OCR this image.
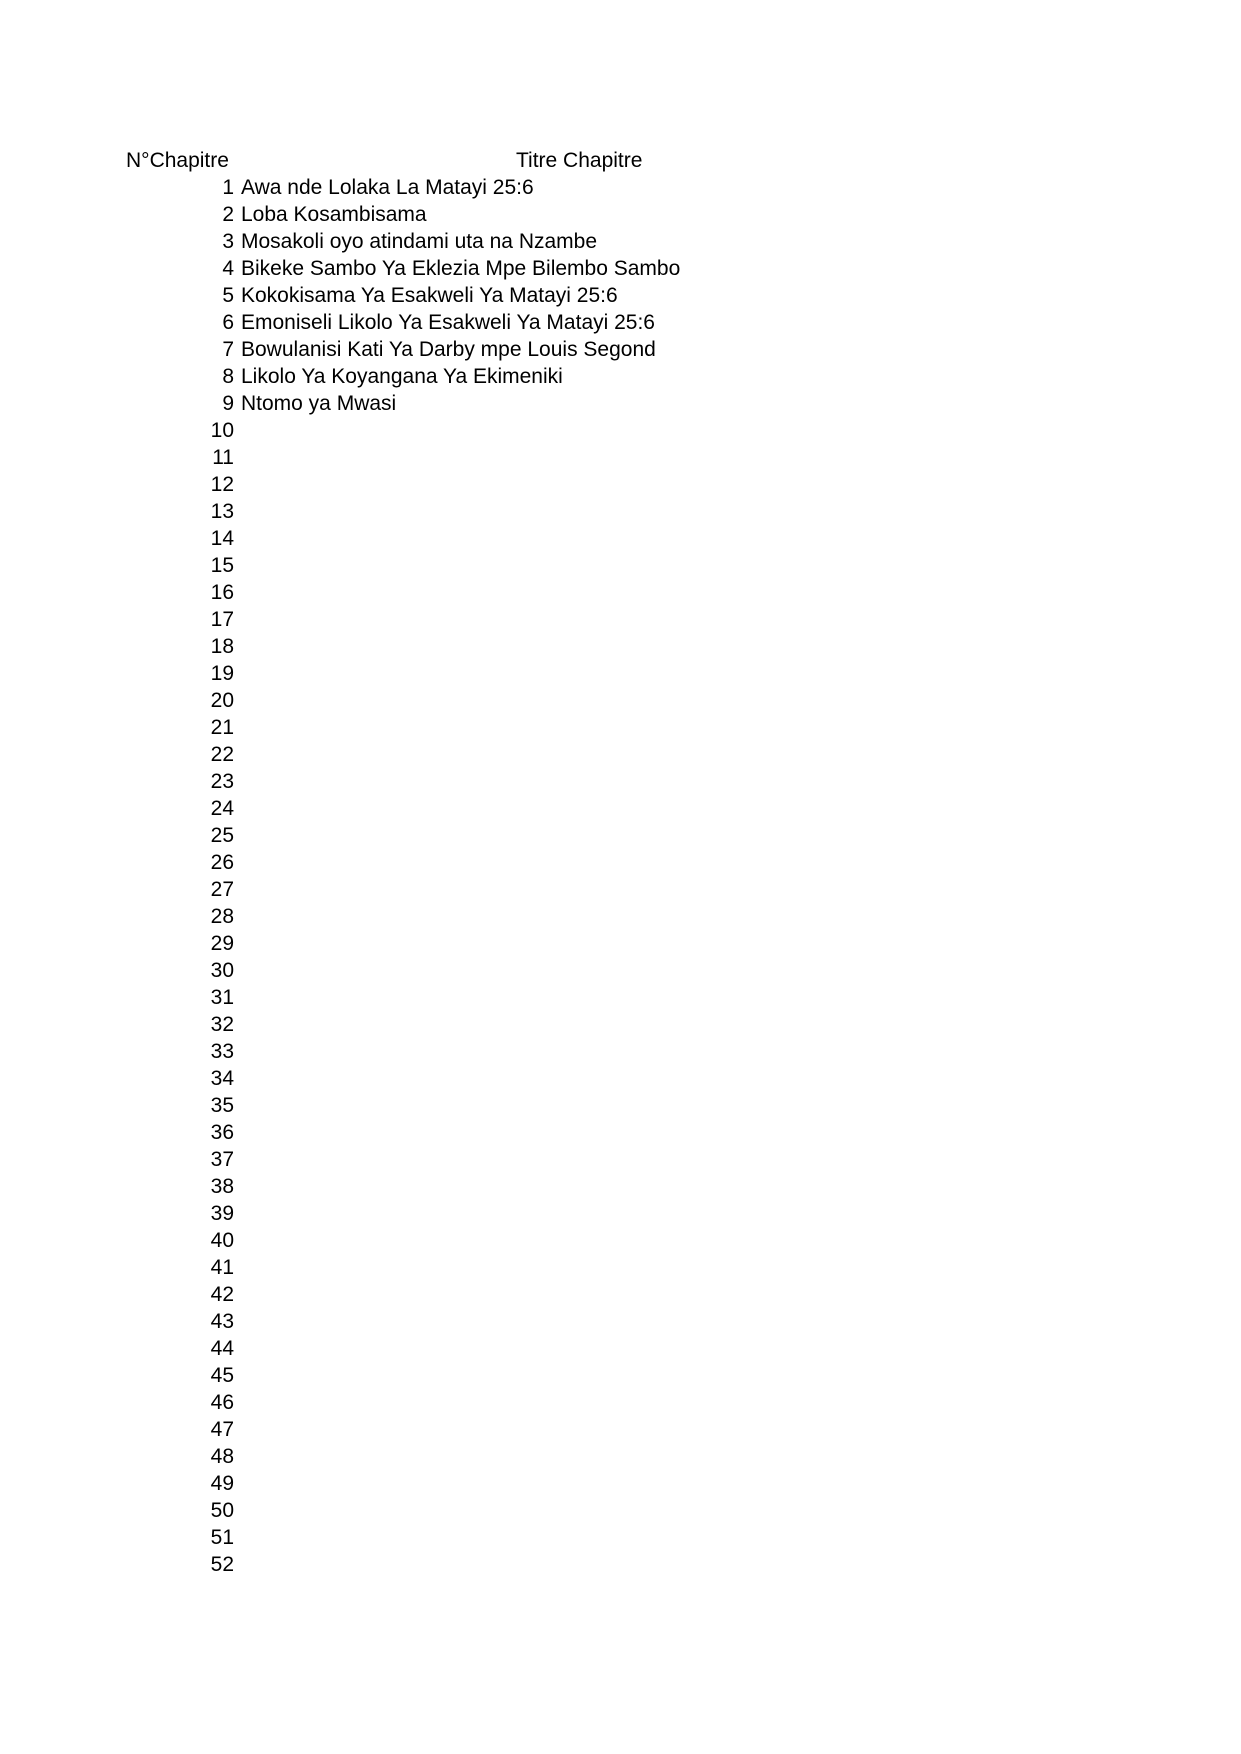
N°Chapitre	Titre Chapitre
1 Awa nde Lolaka La Matayi 25:6
2 Loba Kosambisama
3 Mosakoli oyo atindami uta na Nzambe
4 Bikeke Sambo Ya Eklezia Mpe Bilembo Sambo
5 Kokokisama Ya Esakweli Ya Matayi 25:6
6 Emoniseli Likolo Ya Esakweli Ya Matayi 25:6
7 Bowulanisi Kati Ya Darby mpe Louis Segond
8 Likolo Ya Koyangana Ya Ekimeniki
9 Ntomo ya Mwasi
10
11
12
13
14
15
16
17
18
19
20
21
22
23
24
25
26
27
28
29
30
31
32
33
34
35
36
37
38
39
40
41
42
43
44
45
46
47
48
49
50
51
52
